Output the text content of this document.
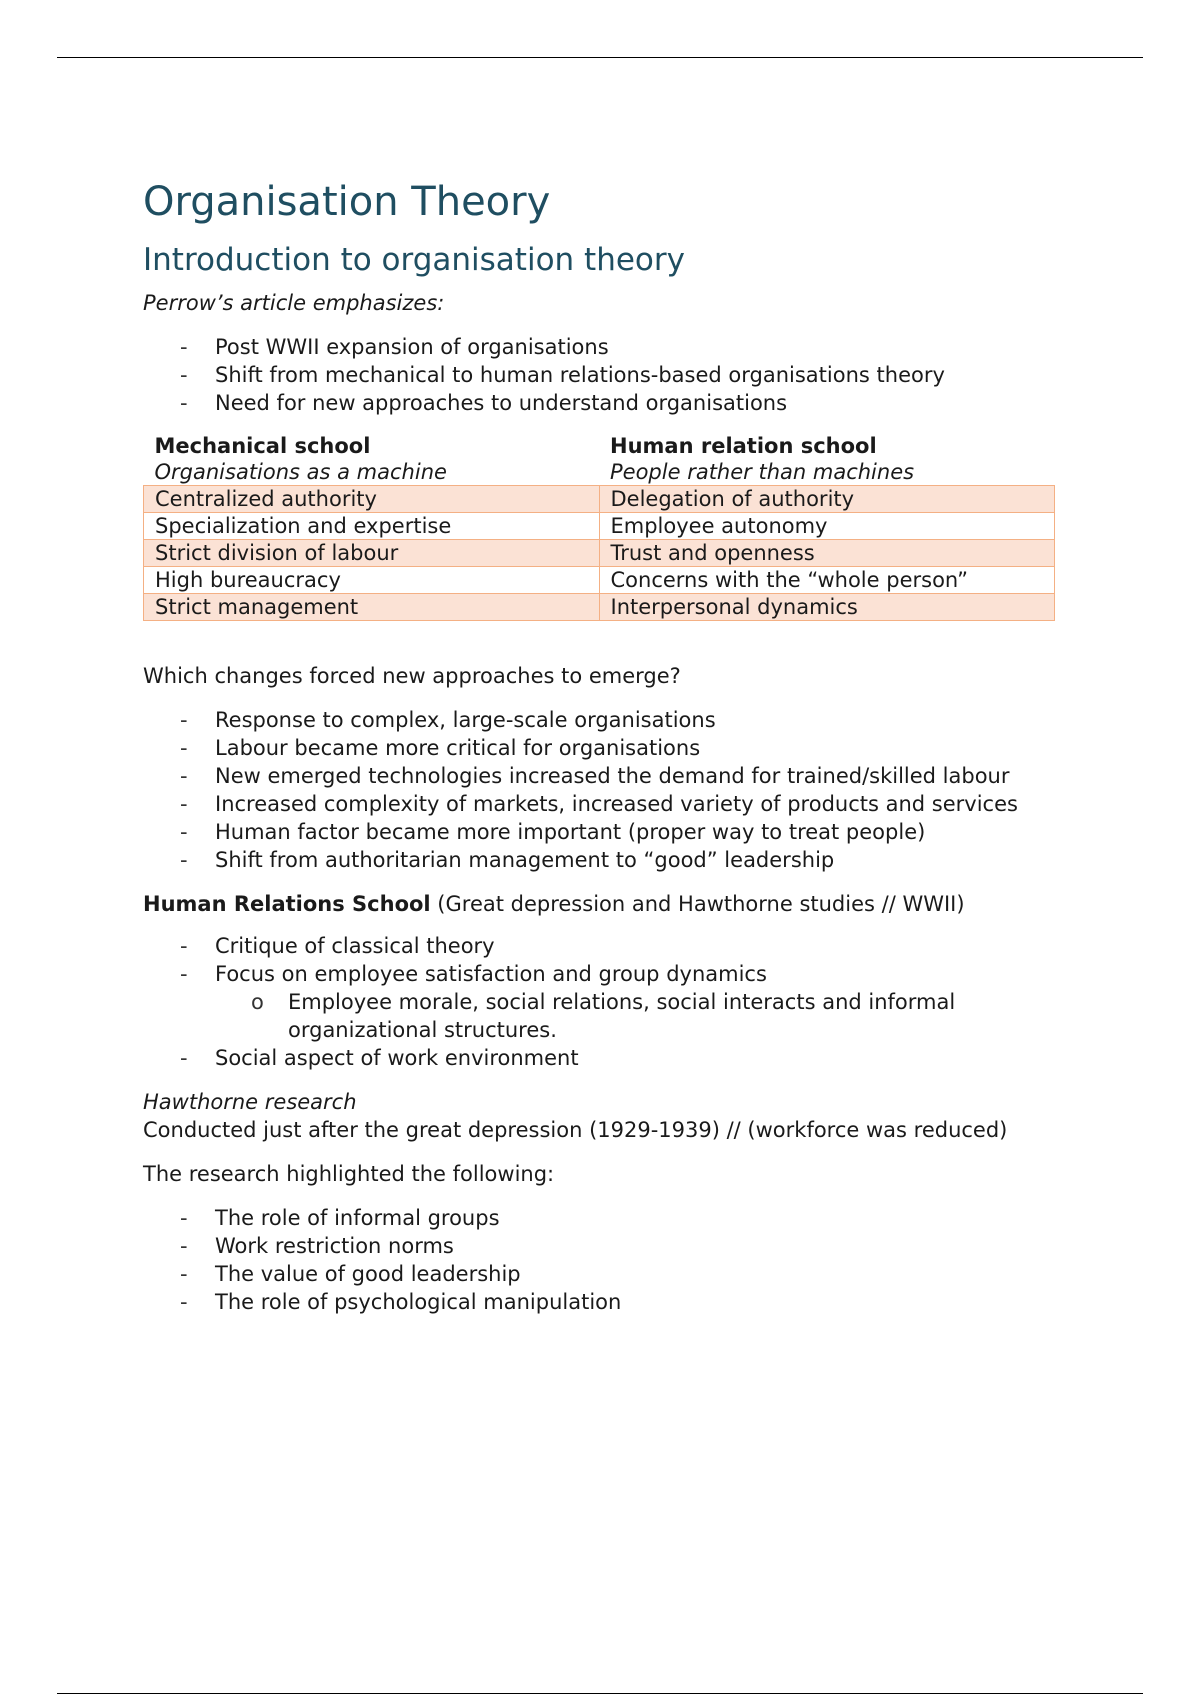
Organisation Theory
Introduction to organisation theory

Perrow’s article emphasizes:

- Post WWII expansion of organisations
- Shift from mechanical to human relations-based organisations theory
- Need for new approaches to understand organisations
Mechanical school	Human relation school
Organisations as a machine	People rather than machines
Centralized authority	Delegation of authority
Specialization and expertise	Employee autonomy
Strict division of labour	Trust and openness
High bureaucracy	Concerns with the “whole person”
Strict management	Interpersonal dynamics

Which changes forced new approaches to emerge?

- Response to complex, large-scale organisations
- Labour became more critical for organisations
- New emerged technologies increased the demand for trained/skilled labour
- Increased complexity of markets, increased variety of products and services
- Human factor became more important (proper way to treat people)
- Shift from authoritarian management to “good” leadership

Human Relations School (Great depression and Hawthorne studies // WWII)

- Critique of classical theory
- Focus on employee satisfaction and group dynamics
o Employee morale, social relations, social interacts and informal organizational structures.
- Social aspect of work environment

Hawthorne research

Conducted just after the great depression (1929-1939) // (workforce was reduced)

The research highlighted the following:

- The role of informal groups
- Work restriction norms
- The value of good leadership
- The role of psychological manipulation
